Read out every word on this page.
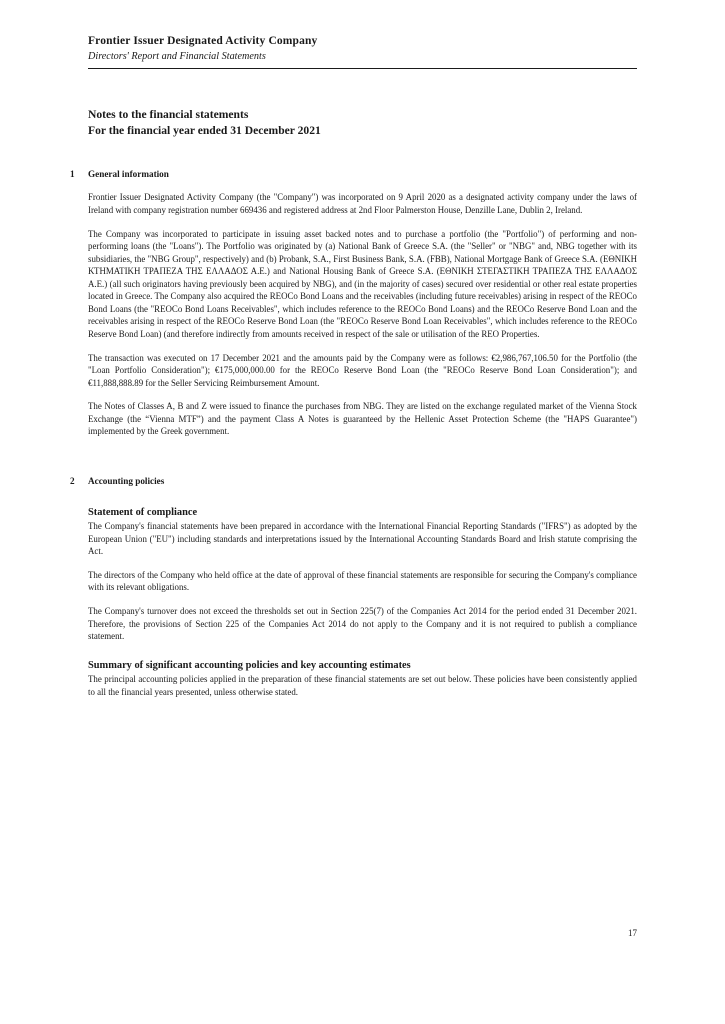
Frontier Issuer Designated Activity Company
Directors' Report and Financial Statements
Notes to the financial statements
For the financial year ended 31 December 2021
1	General information

Frontier Issuer Designated Activity Company (the "Company") was incorporated on 9 April 2020 as a designated activity company under the laws of Ireland with company registration number 669436 and registered address at 2nd Floor Palmerston House, Denzille Lane, Dublin 2, Ireland.

The Company was incorporated to participate in issuing asset backed notes and to purchase a portfolio (the "Portfolio") of performing and non-performing loans (the "Loans"). The Portfolio was originated by (a) National Bank of Greece S.A. (the "Seller" or "NBG" and, NBG together with its subsidiaries, the "NBG Group", respectively) and (b) Probank, S.A., First Business Bank, S.A. (FBB), National Mortgage Bank of Greece S.A. (ΕΘΝΙΚΗ ΚΤΗΜΑΤΙΚΗ ΤΡΑΠΕΖΑ ΤΗΣ ΕΛΛΑΔΟΣ Α.Ε.) and National Housing Bank of Greece S.A. (ΕΘΝΙΚΗ ΣΤΕΓΑΣΤΙΚΗ ΤΡΑΠΕΖΑ ΤΗΣ ΕΛΛΑΔΟΣ Α.Ε.) (all such originators having previously been acquired by NBG), and (in the majority of cases) secured over residential or other real estate properties located in Greece. The Company also acquired the REOCo Bond Loans and the receivables (including future receivables) arising in respect of the REOCo Bond Loans (the "REOCo Bond Loans Receivables", which includes reference to the REOCo Bond Loans) and the REOCo Reserve Bond Loan and the receivables arising in respect of the REOCo Reserve Bond Loan (the "REOCo Reserve Bond Loan Receivables", which includes reference to the REOCo Reserve Bond Loan) (and therefore indirectly from amounts received in respect of the sale or utilisation of the REO Properties.

The transaction was executed on 17 December 2021 and the amounts paid by the Company were as follows: €2,986,767,106.50 for the Portfolio (the "Loan Portfolio Consideration"); €175,000,000.00 for the REOCo Reserve Bond Loan (the "REOCo Reserve Bond Loan Consideration"); and €11,888,888.89 for the Seller Servicing Reimbursement Amount.

The Notes of Classes A, B and Z were issued to finance the purchases from NBG. They are listed on the exchange regulated market of the Vienna Stock Exchange (the “Vienna MTF”) and the payment Class A Notes is guaranteed by the Hellenic Asset Protection Scheme (the "HAPS Guarantee") implemented by the Greek government.

2	Accounting policies
Statement of compliance

The Company's financial statements have been prepared in accordance with the International Financial Reporting Standards ("IFRS") as adopted by the European Union ("EU") including standards and interpretations issued by the International Accounting Standards Board and Irish statute comprising the Act.

The directors of the Company who held office at the date of approval of these financial statements are responsible for securing the Company's compliance with its relevant obligations.

The Company's turnover does not exceed the thresholds set out in Section 225(7) of the Companies Act 2014 for the period ended 31 December 2021. Therefore, the provisions of Section 225 of the Companies Act 2014 do not apply to the Company and it is not required to publish a compliance statement.

Summary of significant accounting policies and key accounting estimates

The principal accounting policies applied in the preparation of these financial statements are set out below. These policies have been consistently applied to all the financial years presented, unless otherwise stated.

17
